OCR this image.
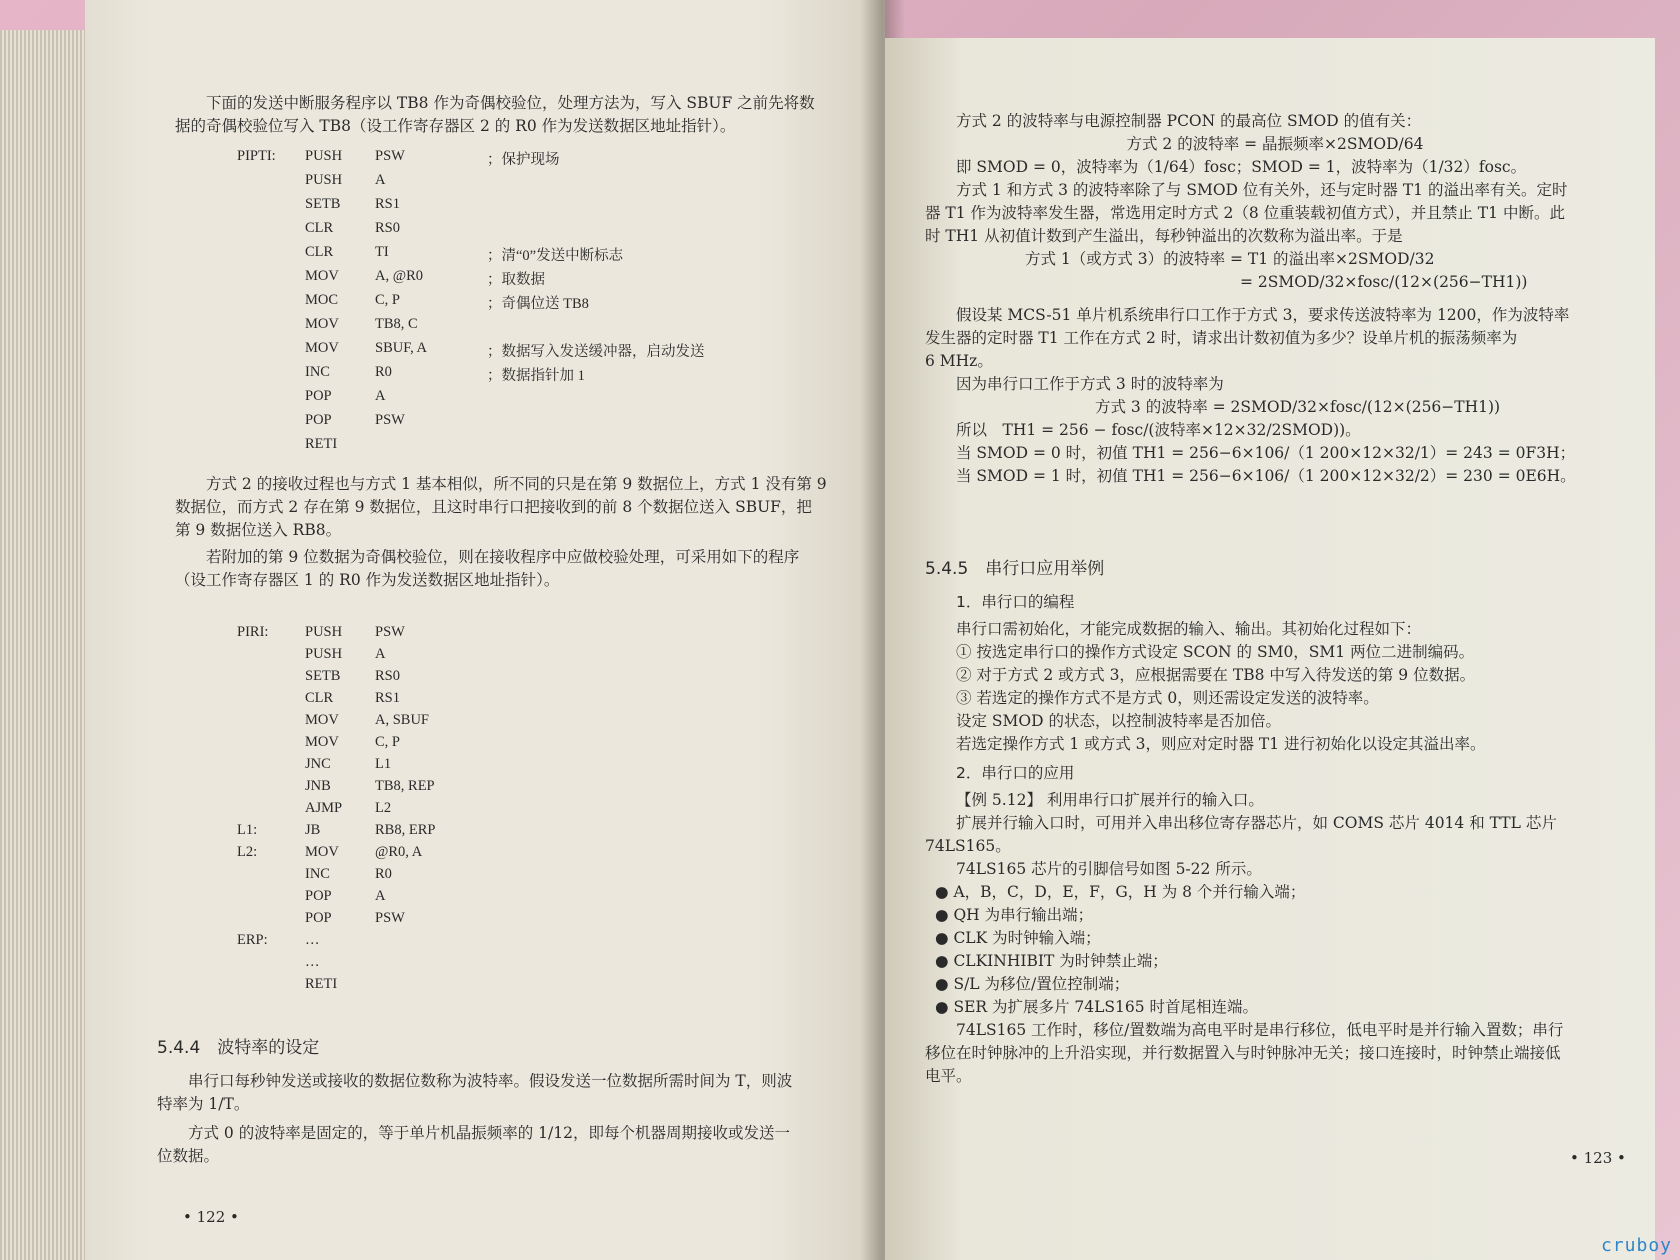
下面的发送中断服务程序以 TB8 作为奇偶校验位，处理方法为，写入 SBUF 之前先将数

据的奇偶校验位写入 TB8（设工作寄存器区 2 的 R0 作为发送数据区地址指针）。

PIPTI: PUSH PSW	；保护现场
PUSH A
SETB RS1
CLR	RS0
CLR	TI	；清“0”发送中断标志
MOV A, @R0	；取数据
MOC	C, P	；奇偶位送 TB8
MOV TB8, C
MOV SBUF, A	；数据写入发送缓冲器，启动发送
INC	R0	；数据指针加 1
POP	A
POP	PSW
RETI

方式 2 的接收过程也与方式 1 基本相似，所不同的只是在第 9 数据位上，方式 1 没有第 9

数据位，而方式 2 存在第 9 数据位，且这时串行口把接收到的前 8 个数据位送入 SBUF，把

第 9 数据位送入 RB8。

若附加的第 9 位数据为奇偶校验位，则在接收程序中应做校验处理，可采用如下的程序

（设工作寄存器区 1 的 R0 作为发送数据区地址指针）。

PIRI:	PUSH PSW
PUSH A
SETB RS0
CLR	RS1
MOV A, SBUF
MOV C, P
JNC	L1
JNB	TB8, REP
AJMP L2
L1:	JB	RB8, ERP
L2:	MOV @R0, A
INC	R0
POP	A
POP	PSW
ERP:	…
…
RETI

5.4.4　波特率的设定

串行口每秒钟发送或接收的数据位数称为波特率。假设发送一位数据所需时间为 T，则波

特率为 1/T。

方式 0 的波特率是固定的，等于单片机晶振频率的 1/12，即每个机器周期接收或发送一

位数据。

• 122 •

方式 2 的波特率与电源控制器 PCON 的最高位 SMOD 的值有关：

方式 2 的波特率 = 晶振频率×2SMOD/64

即 SMOD = 0，波特率为（1/64）fosc；SMOD = 1，波特率为（1/32）fosc。

方式 1 和方式 3 的波特率除了与 SMOD 位有关外，还与定时器 T1 的溢出率有关。定时

器 T1 作为波特率发生器，常选用定时方式 2（8 位重装载初值方式），并且禁止 T1 中断。此

时 TH1 从初值计数到产生溢出，每秒钟溢出的次数称为溢出率。于是

方式 1（或方式 3）的波特率 = T1 的溢出率×2SMOD/32

= 2SMOD/32×fosc/(12×(256−TH1))

假设某 MCS-51 单片机系统串行口工作于方式 3，要求传送波特率为 1200，作为波特率

发生器的定时器 T1 工作在方式 2 时，请求出计数初值为多少？设单片机的振荡频率为

6 MHz。

因为串行口工作于方式 3 时的波特率为

方式 3 的波特率 = 2SMOD/32×fosc/(12×(256−TH1))

所以　TH1 = 256 − fosc/(波特率×12×32/2SMOD))。

当 SMOD = 0 时，初值 TH1 = 256−6×106/（1 200×12×32/1）= 243 = 0F3H；

当 SMOD = 1 时，初值 TH1 = 256−6×106/（1 200×12×32/2）= 230 = 0E6H。

5.4.5　串行口应用举例

1．串行口的编程

串行口需初始化，才能完成数据的输入、输出。其初始化过程如下：

① 按选定串行口的操作方式设定 SCON 的 SM0，SM1 两位二进制编码。

② 对于方式 2 或方式 3，应根据需要在 TB8 中写入待发送的第 9 位数据。

③ 若选定的操作方式不是方式 0，则还需设定发送的波特率。

设定 SMOD 的状态，以控制波特率是否加倍。

若选定操作方式 1 或方式 3，则应对定时器 T1 进行初始化以设定其溢出率。

2．串行口的应用

【例 5.12】 利用串行口扩展并行的输入口。

扩展并行输入口时，可用并入串出移位寄存器芯片，如 COMS 芯片 4014 和 TTL 芯片

74LS165。

74LS165 芯片的引脚信号如图 5-22 所示。

● A，B，C，D，E，F，G，H 为 8 个并行输入端；

● QH 为串行输出端；

● CLK 为时钟输入端；

● CLKINHIBIT 为时钟禁止端；

● S/L 为移位/置位控制端；

● SER 为扩展多片 74LS165 时首尾相连端。

74LS165 工作时，移位/置数端为高电平时是串行移位，低电平时是并行输入置数；串行

移位在时钟脉冲的上升沿实现，并行数据置入与时钟脉冲无关；接口连接时，时钟禁止端接低

电平。

• 123 •
cruboy
